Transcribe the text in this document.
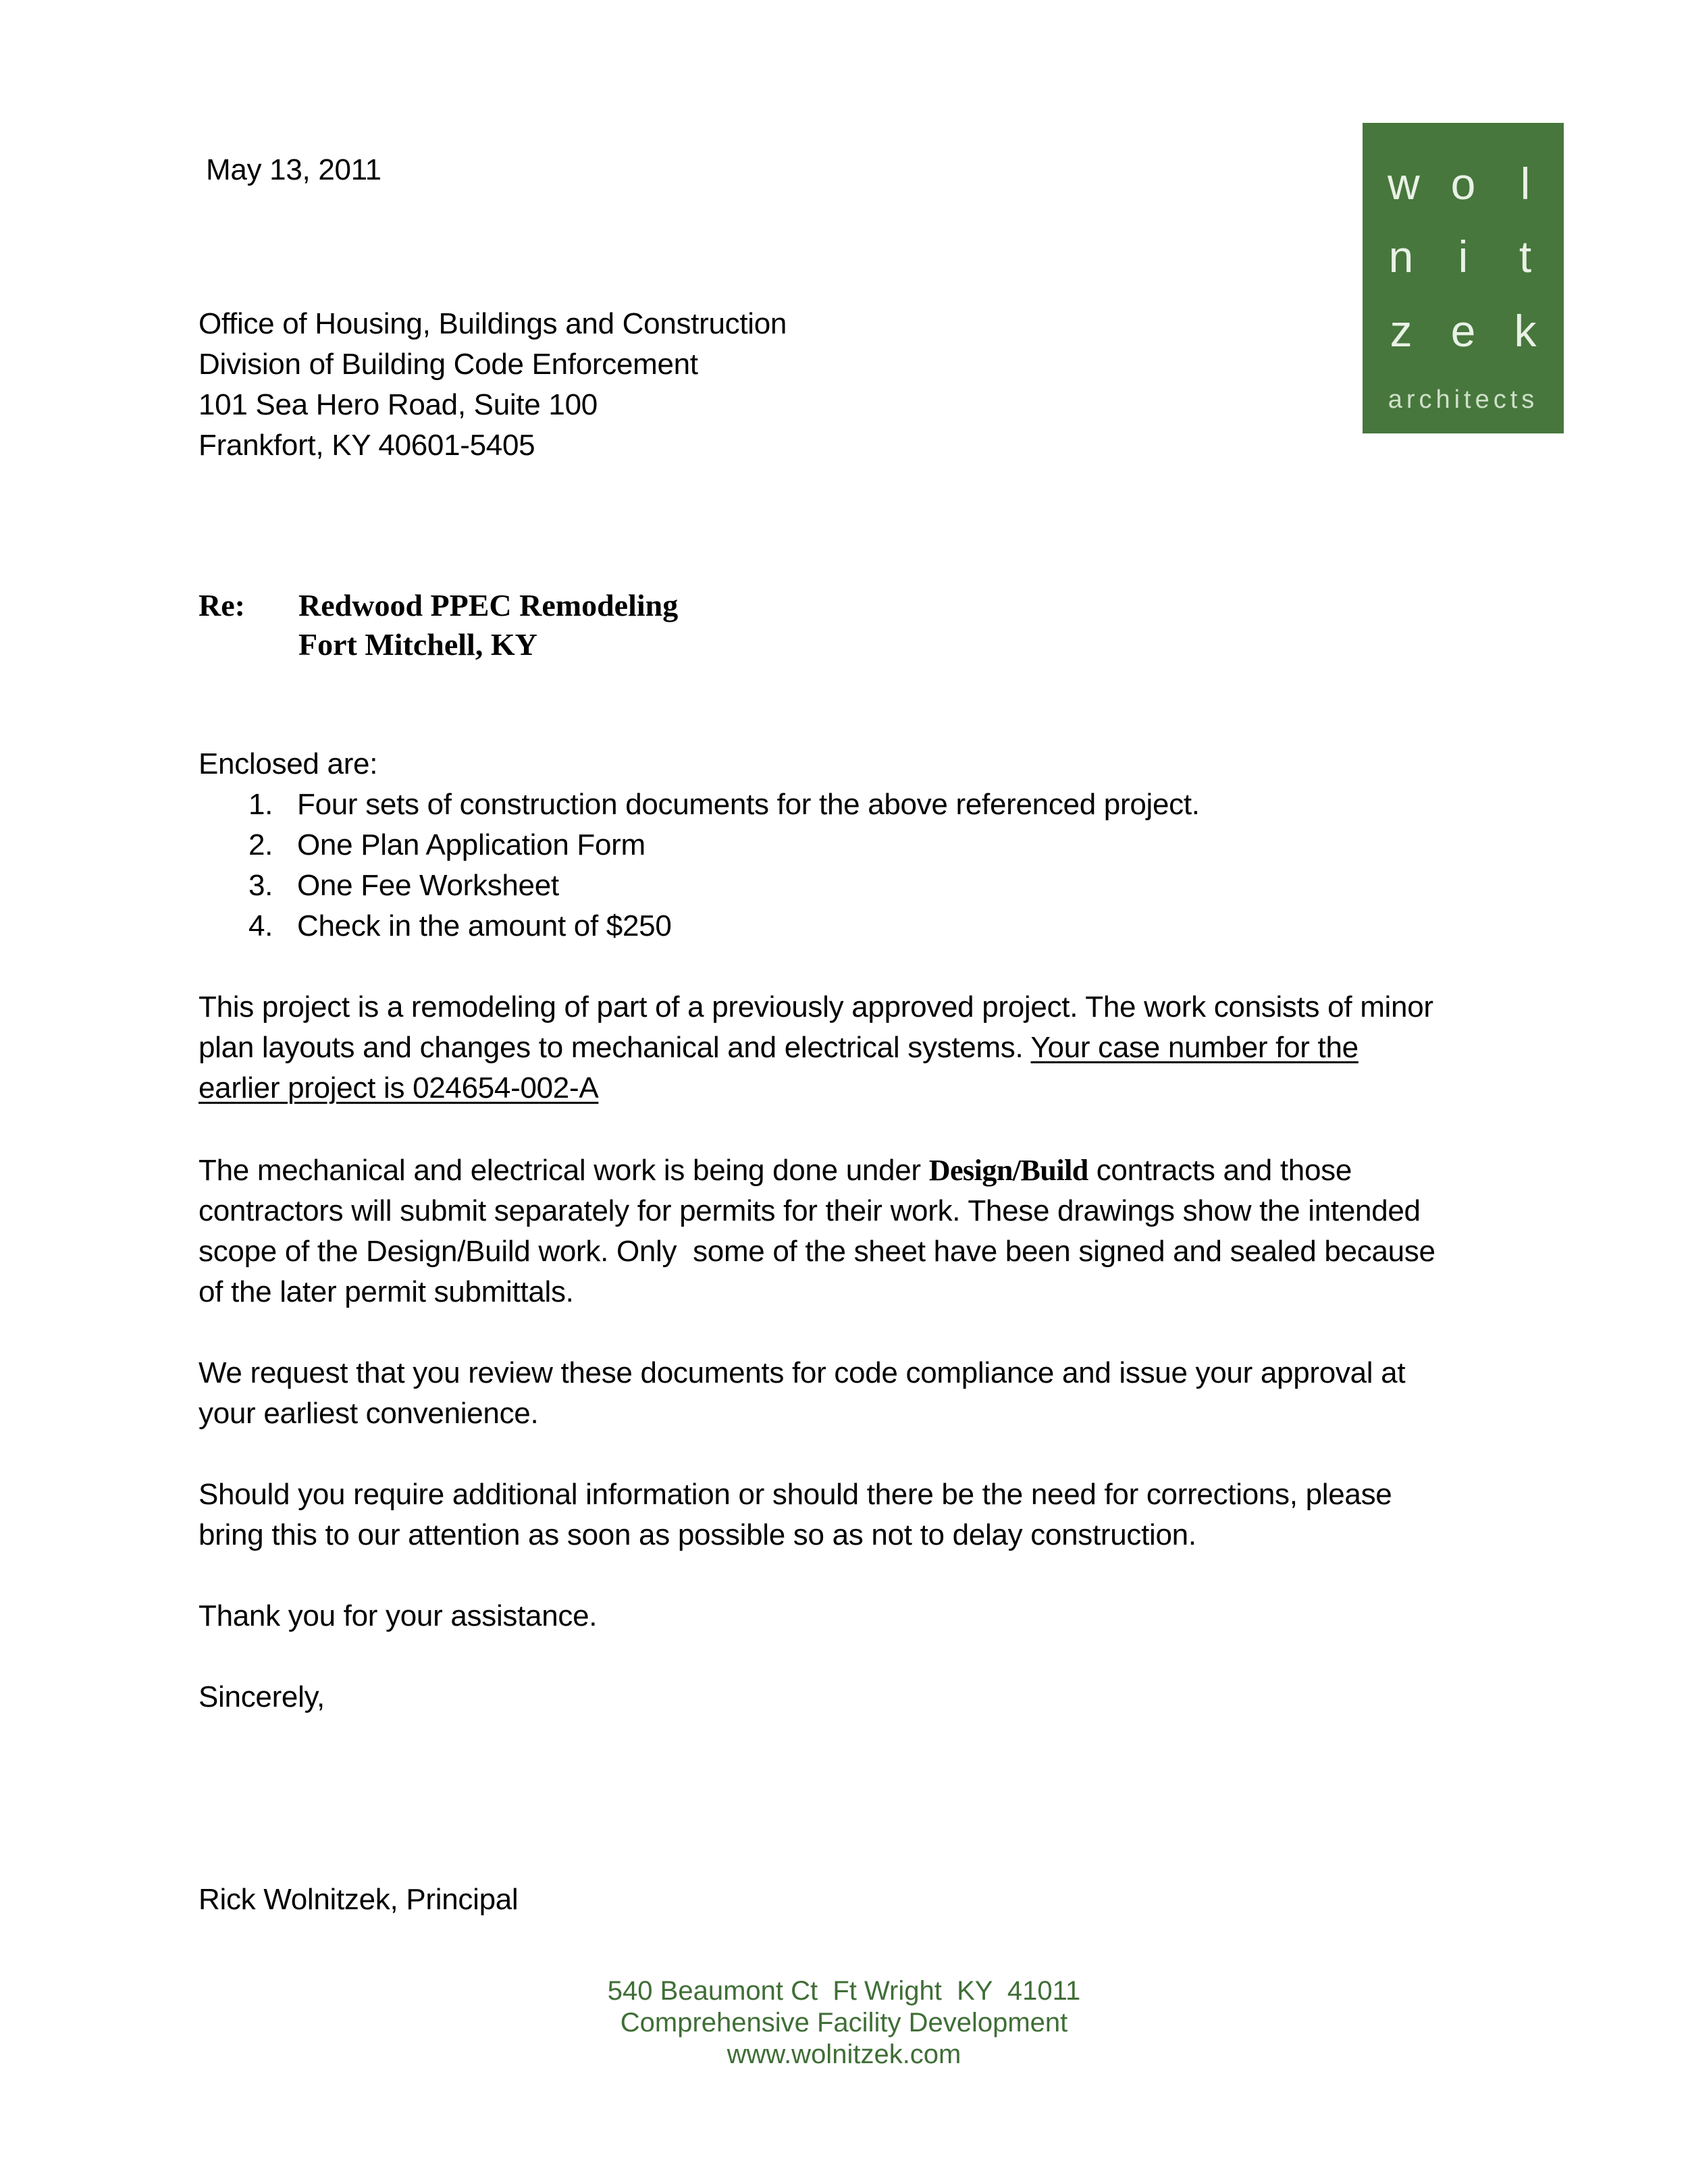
May 13, 2011	w o l
n i t
z e k
architects
Office of Housing, Buildings and Construction
Division of Building Code Enforcement
101 Sea Hero Road, Suite 100
Frankfort, KY 40601-5405
Re: Redwood PPEC Remodeling
Fort Mitchell, KY
Enclosed are:
1. Four sets of construction documents for the above referenced project.
2. One Plan Application Form
3. One Fee Worksheet
4. Check in the amount of $250
This project is a remodeling of part of a previously approved project. The work consists of minor
plan layouts and changes to mechanical and electrical systems. Your case number for the
earlier project is 024654-002-A
The mechanical and electrical work is being done under Design/Build contracts and those
contractors will submit separately for permits for their work. These drawings show the intended
scope of the Design/Build work. Only  some of the sheet have been signed and sealed because
of the later permit submittals.
We request that you review these documents for code compliance and issue your approval at
your earliest convenience.
Should you require additional information or should there be the need for corrections, please
bring this to our attention as soon as possible so as not to delay construction.
Thank you for your assistance.
Sincerely,
Rick Wolnitzek, Principal
540 Beaumont Ct  Ft Wright  KY  41011
Comprehensive Facility Development
www.wolnitzek.com
